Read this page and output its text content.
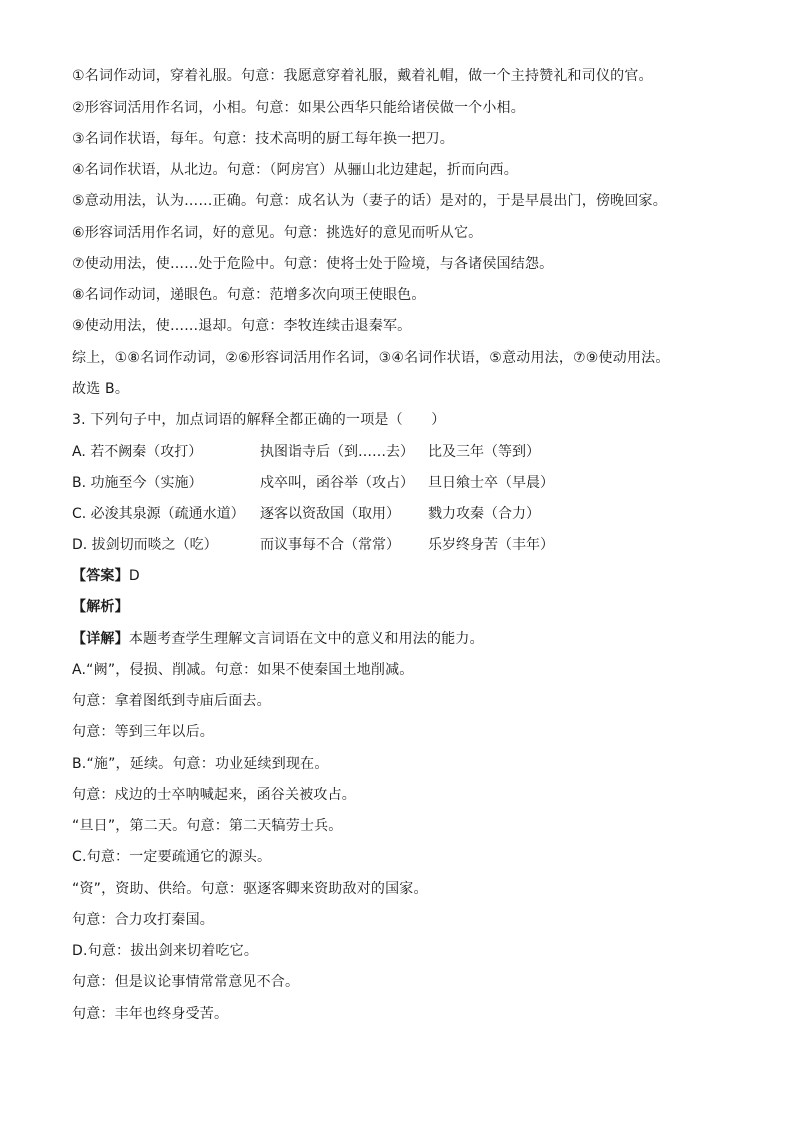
①名词作动词，穿着礼服。句意：我愿意穿着礼服，戴着礼帽，做一个主持赞礼和司仪的官。
②形容词活用作名词，小相。句意：如果公西华只能给诸侯做一个小相。
③名词作状语，每年。句意：技术高明的厨工每年换一把刀。
④名词作状语，从北边。句意：（阿房宫）从骊山北边建起，折而向西。
⑤意动用法，认为……正确。句意：成名认为（妻子的话）是对的，于是早晨出门，傍晚回家。
⑥形容词活用作名词，好的意见。句意：挑选好的意见而听从它。
⑦使动用法，使……处于危险中。句意：使将士处于险境，与各诸侯国结怨。
⑧名词作动词，递眼色。句意：范增多次向项王使眼色。
⑨使动用法，使……退却。句意：李牧连续击退秦军。
综上，①⑧名词作动词，②⑥形容词活用作名词，③④名词作状语，⑤意动用法，⑦⑨使动用法。
故选 B。
3. 下列句子中，加点词语的解释全都正确的一项是（　　）
A. 若不阙秦（攻打）	执图诣寺后（到……去） 比及三年（等到）
B. 功施至今（实施）	戍卒叫，函谷举（攻占） 旦日飨士卒（早晨）
C. 必浚其泉源（疏通水道） 逐客以资敌国（取用） 戮力攻秦（合力）
D. 拔剑切而啖之（吃）	而议事每不合（常常） 乐岁终身苦（丰年）
【答案】D
【解析】
【详解】本题考查学生理解文言词语在文中的意义和用法的能力。
A.“阙”，侵损、削减。句意：如果不使秦国土地削减。
句意：拿着图纸到寺庙后面去。
句意：等到三年以后。
B.“施”，延续。句意：功业延续到现在。
句意：戍边的士卒呐喊起来，函谷关被攻占。
“旦日”，第二天。句意：第二天犒劳士兵。
C.句意：一定要疏通它的源头。
“资”，资助、供给。句意：驱逐客卿来资助敌对的国家。
句意：合力攻打秦国。
D.句意：拔出剑来切着吃它。
句意：但是议论事情常常意见不合。
句意：丰年也终身受苦。
